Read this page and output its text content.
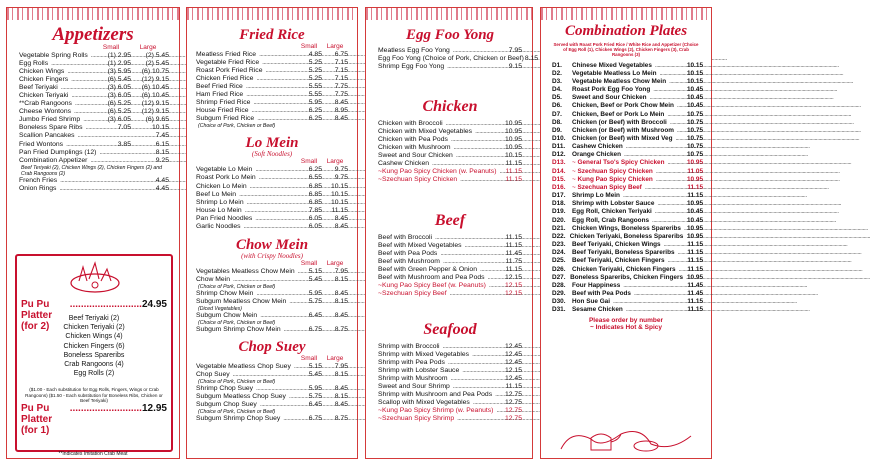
Appetizers
Small	Large
Vegetable Spring Rolls .....	(1) 2.95	(2) 5.45
Egg Rolls .....	(1) 2.95	(2) 5.45
Chicken Wings .....	(3) 5.95	(6) 10.75
Chicken Fingers .....	(6) 5.45	(12) 9.15
Beef Teriyaki .....	(3) 6.05	(6) 10.45
Chicken Teriyaki .....	(3) 6.05	(6) 10.45
**Crab Rangoons .....	(6) 5.25	(12) 9.15
Cheese Wontons .....	(6) 5.25	(12) 9.15
Jumbo Fried Shrimp .....	(3) 6.05	(6) 9.65
Boneless Spare Ribs .....	7.05	10.15
Scallion Pancakes .....	7.45
Fried Wontons .....	3.85	6.15
Pan Fried Dumplings (12) .....	8.15
Combination Appetizer .....	9.25
Beef Teriyaki (2), Chicken Wings (2), Chicken Fingers (2) and Crab Rangoons (2)
French Fries .....	4.45
Onion Rings .....	4.45
Pu Pu Platter (for 2)
.......................... 24.95
Beef Teriyaki (2)
Chicken Teriyaki (2)
Chicken Wings (4)
Chicken Fingers (6)
Boneless Spareribs
Crab Rangoons (4)
Egg Rolls (2)
($1.00 - Each substitution for Egg Rolls, Fingers, Wings or Crab Rangoons) ($1.50 - Each substitution for Boneless Ribs, Chicken or Beef Teriyaki)
Pu Pu Platter (for 1)
.......................... 12.95
**Indicates Imitation Crab Meat
Fried Rice
Small	Large
Meatless Fried Rice .....	4.85	6.75
Vegetable Fried Rice .....	5.25	7.15
Roast Pork Fried Rice .....	5.25	7.15
Chicken Fried Rice .....	5.25	7.15
Beef Fried Rice .....	5.55	7.75
Ham Fried Rice .....	5.55	7.75
Shrimp Fried Rice .....	5.95	8.45
House Fried Rice .....	6.25	8.95
Subgum Fried Rice .....	6.25	8.45
(Choice of Pork, Chicken or Beef)
Lo Mein
(Soft Noodles)
Small	Large
Vegetable Lo Mein .....	6.25	9.75
Roast Pork Lo Mein .....	6.55	9.75
Chicken Lo Mein .....	6.85	10.15
Beef Lo Mein .....	6.85	10.15
Shrimp Lo Mein .....	6.85	10.15
House Lo Mein .....	7.85	11.15
Pan Fried Noodles .....	6.05	8.45
Garlic Noodles .....	6.05	8.45
Chow Mein
(with Crispy Noodles)
Small	Large
Vegetables Meatless Chow Mein .....	5.15	7.95
Chow Mein .....	5.45	8.15
(Choice of Pork, Chicken or Beef)
Shrimp Chow Mein .....	5.95	8.45
Subgum Meatless Chow Mein .....	5.75	8.15
(Diced Vegetables)
Subgum Chow Mein .....	6.45	8.45
(Choice of Pork, Chicken or Beef)
Subgum Shrimp Chow Mein .....	6.75	8.75
Chop Suey
Small	Large
Vegetable Meatless Chop Suey .....	5.15	7.95
Chop Suey .....	5.45	8.15
(Choice of Pork, Chicken or Beef)
Shrimp Chop Suey .....	5.95	8.45
Subgum Meatless Chop Suey .....	5.75	8.15
Subgum Chop Suey .....	6.45	8.45
(Choice of Pork, Chicken or Beef)
Subgum Shrimp Chop Suey .....	6.75	8.75
Egg Foo Yong
Meatless Egg Foo Yong .....	7.95
Egg Foo Yong (Choice of Pork, Chicken or Beef) ..... 8.15
Shrimp Egg Foo Yong .....	9.15
Chicken
Chicken with Broccoli .....	10.95
Chicken with Mixed Vegetables .....	10.95
Chicken with Pea Pods .....	10.95
Chicken with Mushroom .....	10.95
Sweet and Sour Chicken .....	10.15
Cashew Chicken .....	11.15
~ Kung Pao Spicy Chicken (w. Peanuts) .....	11.15
~ Szechuan Spicy Chicken .....	11.15
Beef
Beef with Broccoli .....	11.15
Beef with Mixed Vegetables .....	11.15
Beef with Pea Pods .....	11.45
Beef with Mushroom .....	11.75
Beef with Green Pepper & Onion .....	11.15
Beef with Mushroom and Pea Pods .....	12.15
~ Kung Pao Spicy Beef (w. Peanuts) .....	12.15
~ Szechuan Spicy Beef .....	12.15
Seafood
Shrimp with Broccoli .....	12.45
Shrimp with Mixed Vegetables .....	12.45
Shrimp with Pea Pods .....	12.45
Shrimp with Lobster Sauce .....	12.15
Shrimp with Mushroom .....	12.45
Sweet and Sour Shrimp .....	11.15
Shrimp with Mushroom and Pea Pods .....	12.75
Scallop with Mixed Vegetables .....	12.75
~ Kung Pao Spicy Shrimp (w. Peanuts) .....	12.75
~ Szechuan Spicy Shrimp .....	12.75
Combination Plates
Served with Roast Pork Fried Rice / White Rice and Appetizer (Choice of Egg Roll (1), Chicken Wings (2), Chicken Fingers (3), Crab Rangoons (3)
D1.	Chinese Mixed Vegetables .....	10.15
D2.	Vegetable Meatless Lo Mein .....	10.15
D3.	Vegetable Meatless Chow Mein .....	10.15
D4.	Roast Pork Egg Foo Yong .....	10.45
D5.	Sweet and Sour Chicken .....	10.45
D6.	Chicken, Beef or Pork Chow Mein .....	10.45
D7.	Chicken, Beef or Pork Lo Mein .....	10.75
D8.	Chicken (or Beef) with Broccoli .....	10.75
D9.	Chicken (or Beef) with Mushroom .....	10.75
D10.	Chicken (or Beef) with Mixed Veg .....	10.75
D11.	Cashew Chicken .....	10.75
D12.	Orange Chicken .....	10.75
D13.	~ General Tso's Spicy Chicken .....	10.95
D14.	~ Szechuan Spicy Chicken .....	11.05
D15.	~ Kung Pao Spicy Chicken .....	10.95
D16.	~ Szechuan Spicy Beef .....	11.15
D17.	Shrimp Lo Mein .....	11.15
D18.	Shrimp with Lobster Sauce .....	10.95
D19.	Egg Roll, Chicken Teriyaki .....	10.45
D20.	Egg Roll, Crab Rangoons .....	10.45
D21.	Chicken Wings, Boneless Spareribs ..... 10.95
D22. Chicken Teriyaki, Boneless Spareribs ..... 10.95
D23.	Beef Teriyaki, Chicken Wings .....	11.15
D24.	Beef Teriyaki, Boneless Spareribs .....	11.15
D25.	Beef Teriyaki, Chicken Fingers .....	11.15
D26.	Chicken Teriyaki, Chicken Fingers .....	11.15
D27. Boneless Spareribs, Chicken Fingers ..... 10.95
D28.	Four Happiness .....	11.45
D29.	Beef with Pea Pods .....	11.45
D30.	Hon Sue Gai .....	11.15
D31.	Sesame Chicken .....	11.15
Please order by number
~ Indicates Hot & Spicy
